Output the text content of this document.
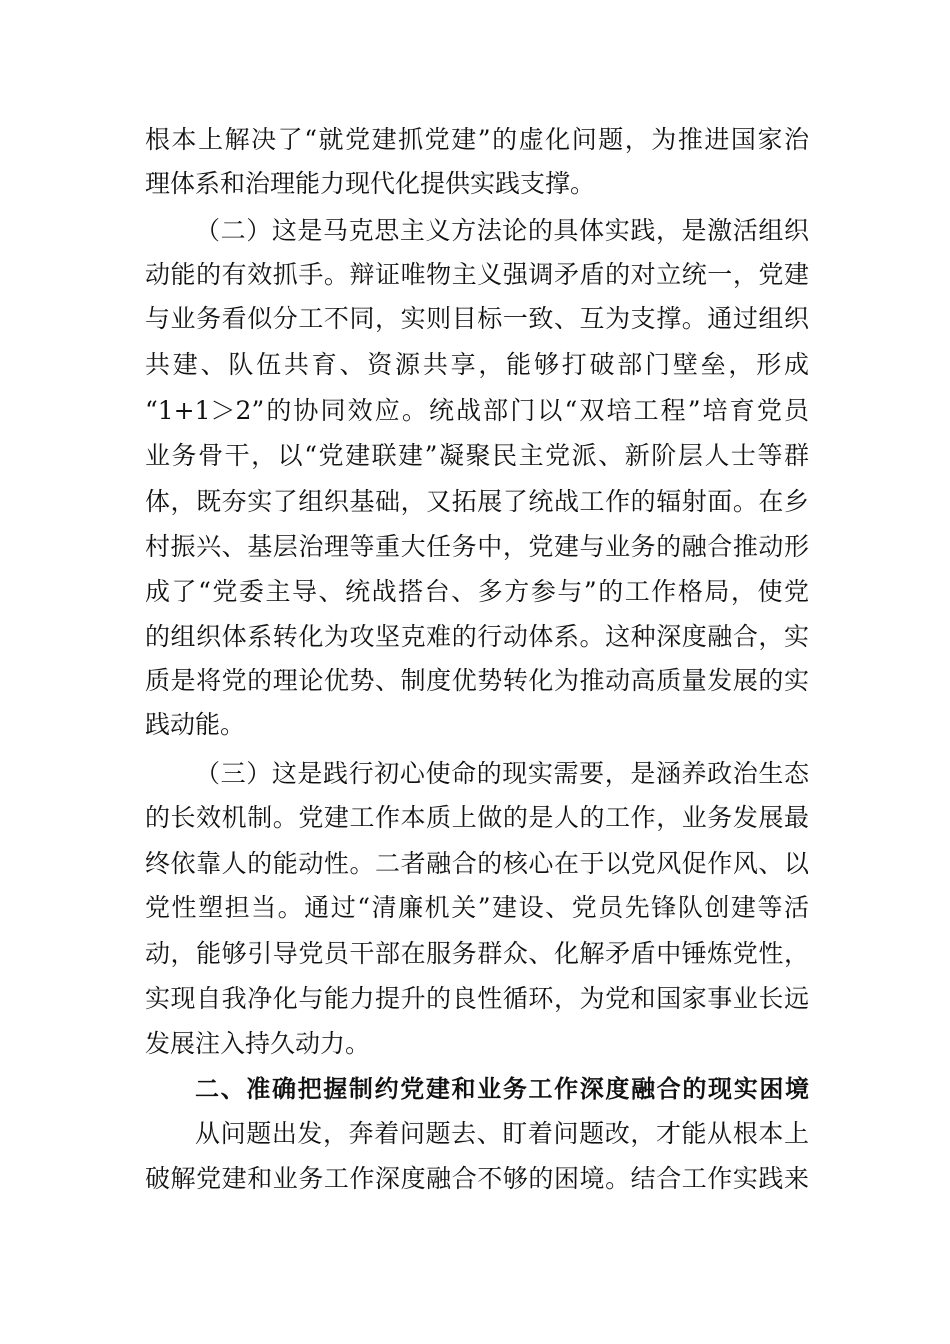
根本上解决了“就党建抓党建”的虚化问题，为推进国家治
理体系和治理能力现代化提供实践支撑。
（二）这是马克思主义方法论的具体实践，是激活组织
动能的有效抓手。辩证唯物主义强调矛盾的对立统一，党建
与业务看似分工不同，实则目标一致、互为支撑。通过组织
共建、队伍共育、资源共享，能够打破部门壁垒，形成
“1+1＞2”的协同效应。统战部门以“双培工程”培育党员
业务骨干，以“党建联建”凝聚民主党派、新阶层人士等群
体，既夯实了组织基础，又拓展了统战工作的辐射面。在乡
村振兴、基层治理等重大任务中，党建与业务的融合推动形
成了“党委主导、统战搭台、多方参与”的工作格局，使党
的组织体系转化为攻坚克难的行动体系。这种深度融合，实
质是将党的理论优势、制度优势转化为推动高质量发展的实
践动能。
（三）这是践行初心使命的现实需要，是涵养政治生态
的长效机制。党建工作本质上做的是人的工作，业务发展最
终依靠人的能动性。二者融合的核心在于以党风促作风、以
党性塑担当。通过“清廉机关”建设、党员先锋队创建等活
动，能够引导党员干部在服务群众、化解矛盾中锤炼党性，
实现自我净化与能力提升的良性循环，为党和国家事业长远
发展注入持久动力。
二、准确把握制约党建和业务工作深度融合的现实困境
从问题出发，奔着问题去、盯着问题改，才能从根本上
破解党建和业务工作深度融合不够的困境。结合工作实践来
